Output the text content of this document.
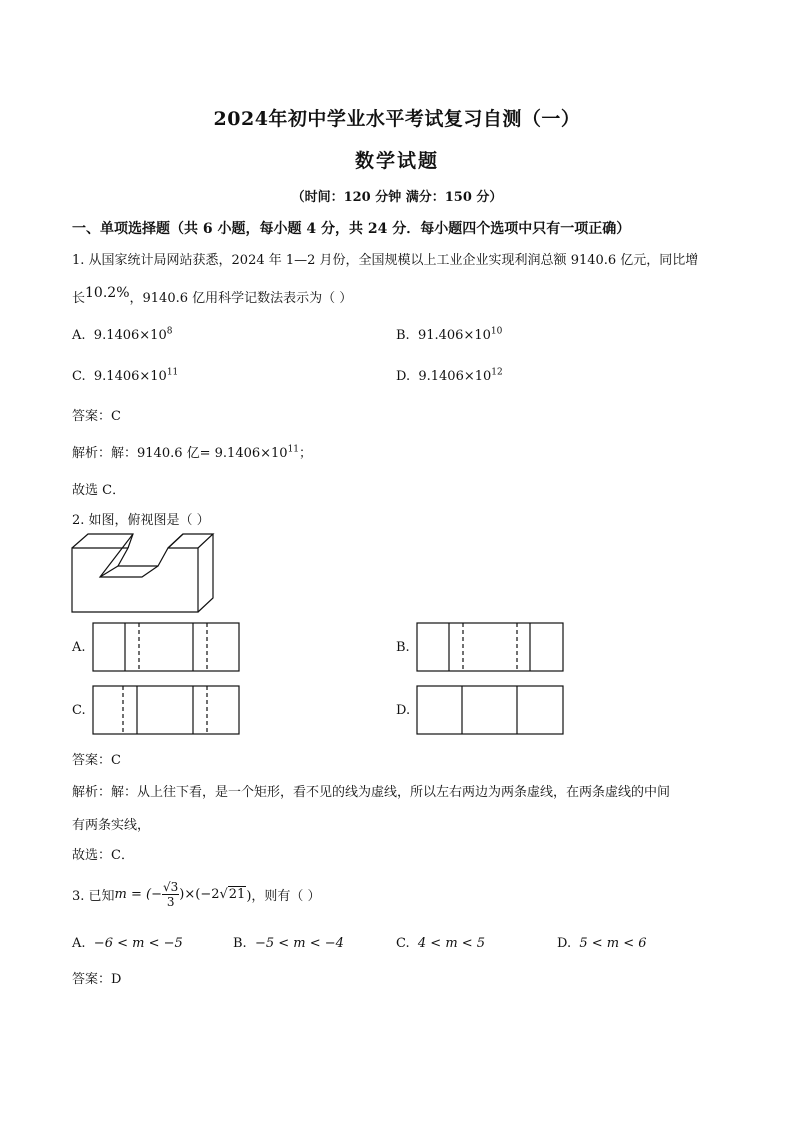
2024年初中学业水平考试复习自测（一）
数学试题
（时间：120 分钟 满分：150 分）
一、单项选择题（共 6 小题，每小题 4 分，共 24 分．每小题四个选项中只有一项正确）
1. 从国家统计局网站获悉，2024 年 1—2 月份，全国规模以上工业企业实现利润总额 9140.6 亿元，同比增
长10.2%，9140.6 亿用科学记数法表示为（ ）
A. $9.1406\times 10^8$	B. $91.406\times 10^{10}$
C. $9.1406\times 10^{11}$	D. $9.1406\times 10^{12}$
答案：C
解析：解：9140.6 亿= $9.1406\times 10^{11}$；
故选 C．
2. 如图，俯视图是（ ）
A.	B.
C.	D.
答案：C
解析：解：从上往下看，是一个矩形，看不见的线为虚线，所以左右两边为两条虚线，在两条虚线的中间
有两条实线，
故选：C．
3. 已知m = (− $\frac{√3}{3} )\times(-2√21)$，则有（ ）
A. −6 < m < −5	B. −5 < m < −4	C. 4 < m < 5	D. 5 < m < 6
答案：D
